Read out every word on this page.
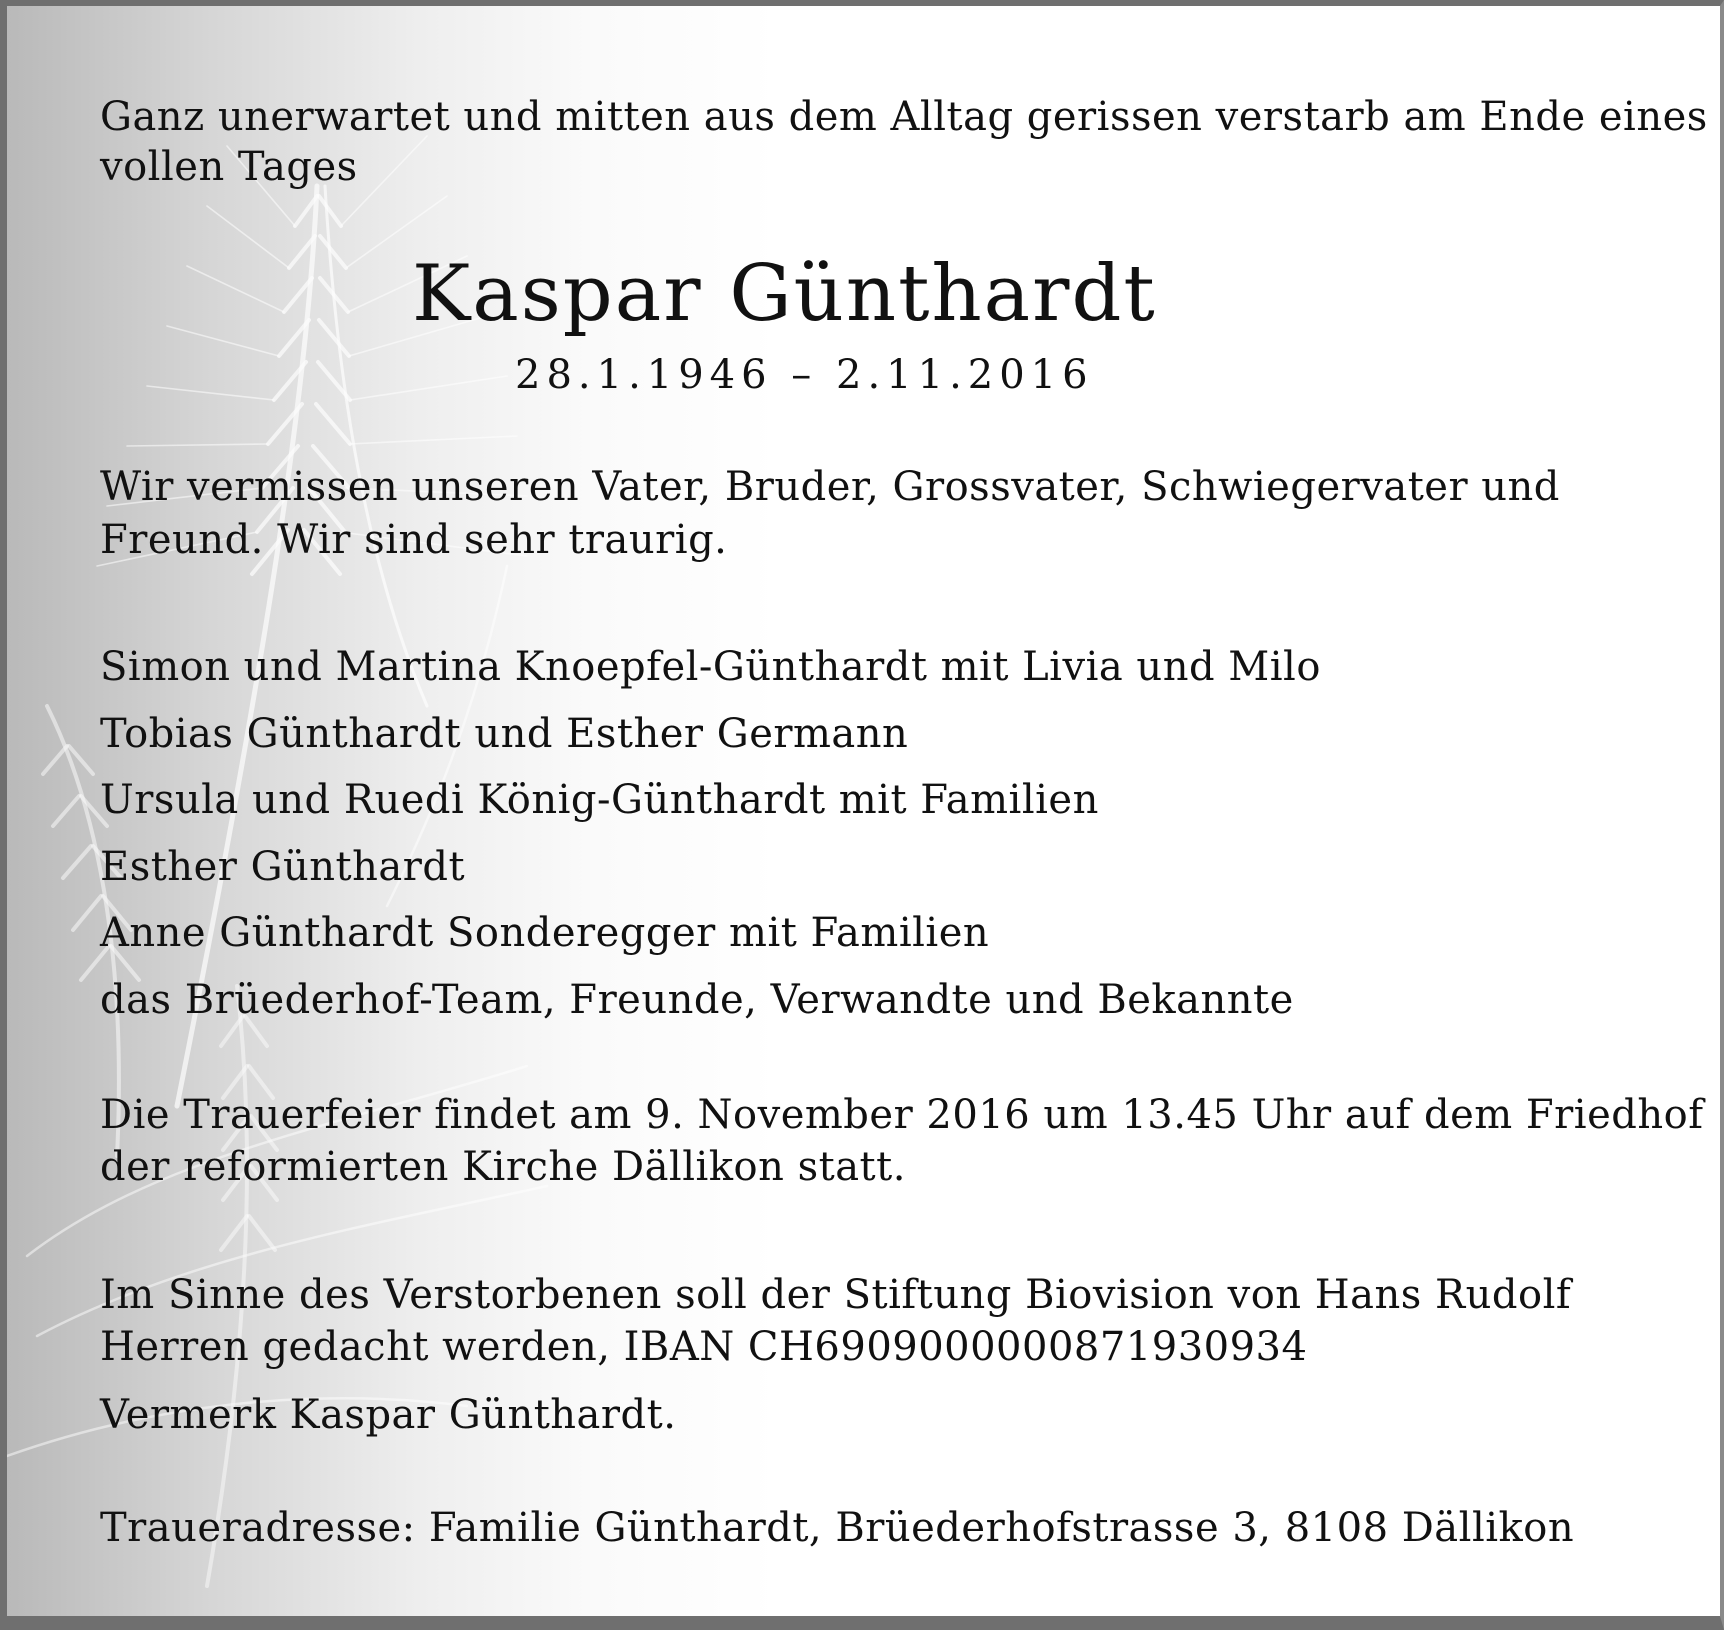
Ganz unerwartet und mitten aus dem Alltag gerissen verstarb am Ende eines
vollen Tages
Kaspar Günthardt
28.1.1946 – 2.11.2016
Wir vermissen unseren Vater, Bruder, Grossvater, Schwiegervater und
Freund. Wir sind sehr traurig.
Simon und Martina Knoepfel-Günthardt mit Livia und Milo
Tobias Günthardt und Esther Germann
Ursula und Ruedi König-Günthardt mit Familien
Esther Günthardt
Anne Günthardt Sonderegger mit Familien
das Brüederhof-Team, Freunde, Verwandte und Bekannte
Die Trauerfeier findet am 9. November 2016 um 13.45 Uhr auf dem Friedhof
der reformierten Kirche Dällikon statt.
Im Sinne des Verstorbenen soll der Stiftung Biovision von Hans Rudolf
Herren gedacht werden, IBAN CH6909000000871930934
Vermerk Kaspar Günthardt.
Traueradresse: Familie Günthardt, Brüederhofstrasse 3, 8108 Dällikon
